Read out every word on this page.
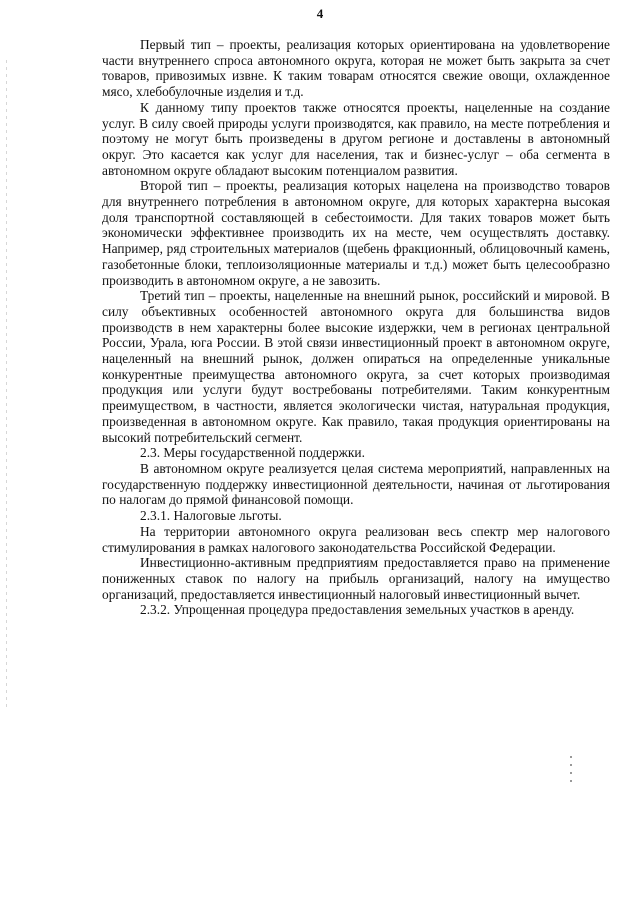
4

Первый тип – проекты, реализация которых ориентирована на удовлетворение части внутреннего спроса автономного округа, которая не может быть закрыта за счет товаров, привозимых извне. К таким товарам относятся свежие овощи, охлажденное мясо, хлебобулочные изделия и т.д.

К данному типу проектов также относятся проекты, нацеленные на создание услуг. В силу своей природы услуги производятся, как правило, на месте потребления и поэтому не могут быть произведены в другом регионе и доставлены в автономный округ. Это касается как услуг для населения, так и бизнес-услуг – оба сегмента в автономном округе обладают высоким потенциалом развития.

Второй тип – проекты, реализация которых нацелена на производство товаров для внутреннего потребления в автономном округе, для которых характерна высокая доля транспортной составляющей в себестоимости. Для таких товаров может быть экономически эффективнее производить их на месте, чем осуществлять доставку. Например, ряд строительных материалов (щебень фракционный, облицовочный камень, газобетонные блоки, теплоизоляционные материалы и т.д.) может быть целесообразно производить в автономном округе, а не завозить.

Третий тип – проекты, нацеленные на внешний рынок, российский и мировой. В силу объективных особенностей автономного округа для большинства видов производств в нем характерны более высокие издержки, чем в регионах центральной России, Урала, юга России. В этой связи инвестиционный проект в автономном округе, нацеленный на внешний рынок, должен опираться на определенные уникальные конкурентные преимущества автономного округа, за счет которых производимая продукция или услуги будут востребованы потребителями. Таким конкурентным преимуществом, в частности, является экологически чистая, натуральная продукция, произведенная в автономном округе. Как правило, такая продукция ориентированы на высокий потребительский сегмент.

2.3. Меры государственной поддержки.

В автономном округе реализуется целая система мероприятий, направленных на государственную поддержку инвестиционной деятельности, начиная от льготирования по налогам до прямой финансовой помощи.

2.3.1. Налоговые льготы.

На территории автономного округа реализован весь спектр мер налогового стимулирования в рамках налогового законодательства Российской Федерации.

Инвестиционно-активным предприятиям предоставляется право на применение пониженных ставок по налогу на прибыль организаций, налогу на имущество организаций, предоставляется инвестиционный налоговый инвестиционный вычет.

2.3.2. Упрощенная процедура предоставления земельных участков в аренду.
